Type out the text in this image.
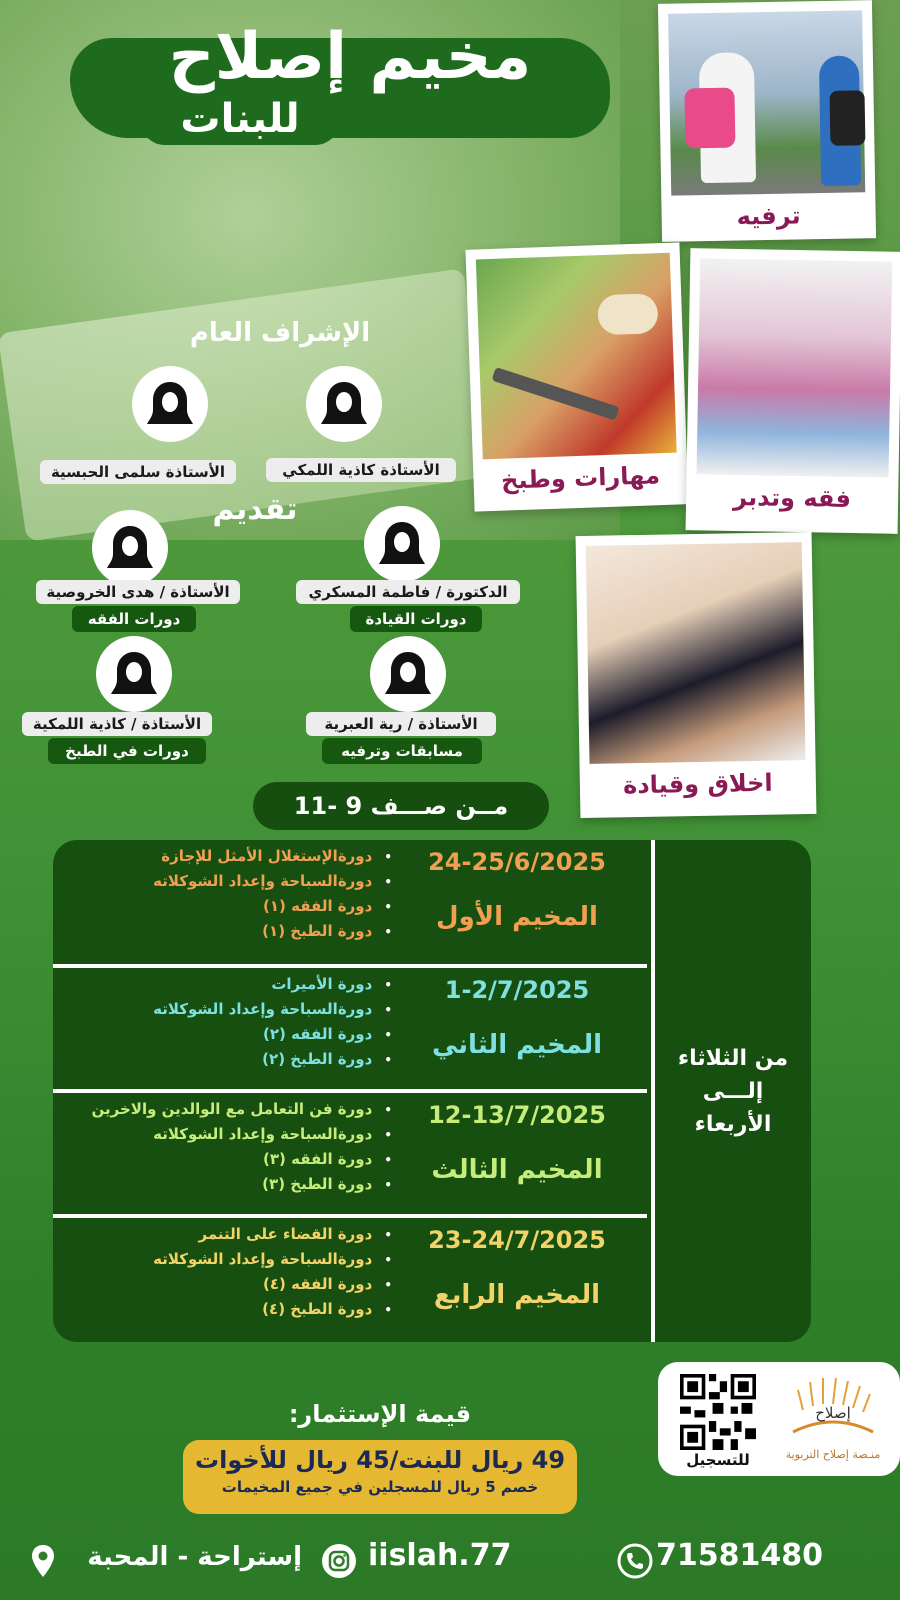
مخيم إصلاح
للبنات
ترفيه
مهارات وطبخ
فقه وتدبر
اخلاق وقيادة
الإشراف العام
الأستاذة كاذية اللمكي
الأستاذة سلمى الحبسية
تقديم
الدكتورة / فاطمة المسكري
دورات القيادة
الأستاذة / هدى الخروصية
دورات الفقه
الأستاذة / رية العبرية
مسابقات وترفيه
الأستاذة / كاذية اللمكية
دورات في الطبخ
مــن صـــف 9 -11
من الثلاثاء
إلـــى
الأربعاء
24-25/6/2025
المخيم الأول
• دورةالإستغلال الأمثل للإجازة
• دورةالسباحة وإعداد الشوكلاته
• دورة الفقه (١)
• دورة الطبخ (١)
1-2/7/2025
المخيم الثاني
• دورة الأميرات
• دورةالسباحة وإعداد الشوكلاته
• دورة الفقه (٢)
• دورة الطبخ (٢)
12-13/7/2025
المخيم الثالث
• دورة فن التعامل مع الوالدين والاخرين
• دورةالسباحة وإعداد الشوكلاته
• دورة الفقه (٣)
• دورة الطبخ (٣)
23-24/7/2025
المخيم الرابع
• دورة القضاء على التنمر
• دورةالسباحة وإعداد الشوكلاته
• دورة الفقه (٤)
• دورة الطبخ (٤)
للتسجيل
إصلاح
منـصة إصلاح التربوية
قيمة الإستثمار:
49 ريال للبنت/45 ريال للأخوات
خصم 5 ريال للمسجلين في جميع المخيمات
71581480
iislah.77
إستراحة - المحبة
